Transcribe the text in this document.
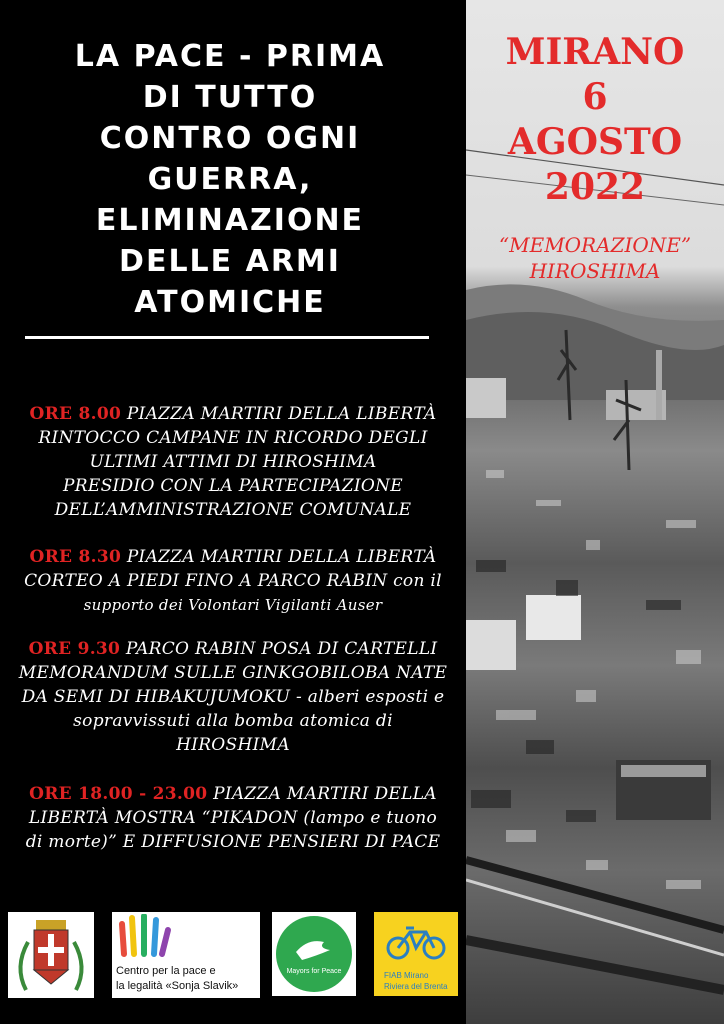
LA PACE - PRIMA
DI TUTTO
CONTRO OGNI
GUERRA,
ELIMINAZIONE
DELLE ARMI
ATOMICHE
ORE 8.00 PIAZZA MARTIRI DELLA LIBERTÀ
RINTOCCO CAMPANE IN RICORDO DEGLI
ULTIMI ATTIMI DI HIROSHIMA
PRESIDIO CON LA PARTECIPAZIONE
DELL’AMMINISTRAZIONE COMUNALE
ORE 8.30 PIAZZA MARTIRI DELLA LIBERTÀ
CORTEO A PIEDI FINO A PARCO RABIN con il
supporto dei Volontari Vigilanti Auser
ORE 9.30 PARCO RABIN POSA DI CARTELLI
MEMORANDUM SULLE GINKGOBILOBA NATE
DA SEMI DI HIBAKUJUMOKU - alberi esposti e
sopravvissuti alla bomba atomica di
HIROSHIMA
ORE 18.00 - 23.00 PIAZZA MARTIRI DELLA
LIBERTÀ MOSTRA “PIKADON (lampo e tuono
di morte)” E DIFFUSIONE PENSIERI DI PACE
MIRANO
6
AGOSTO
2022
“MEMORAZIONE”
HIROSHIMA
Centro per la pace e
la legalità «Sonja Slavik»
Mayors for Peace	FIAB Mirano
Riviera del Brenta
